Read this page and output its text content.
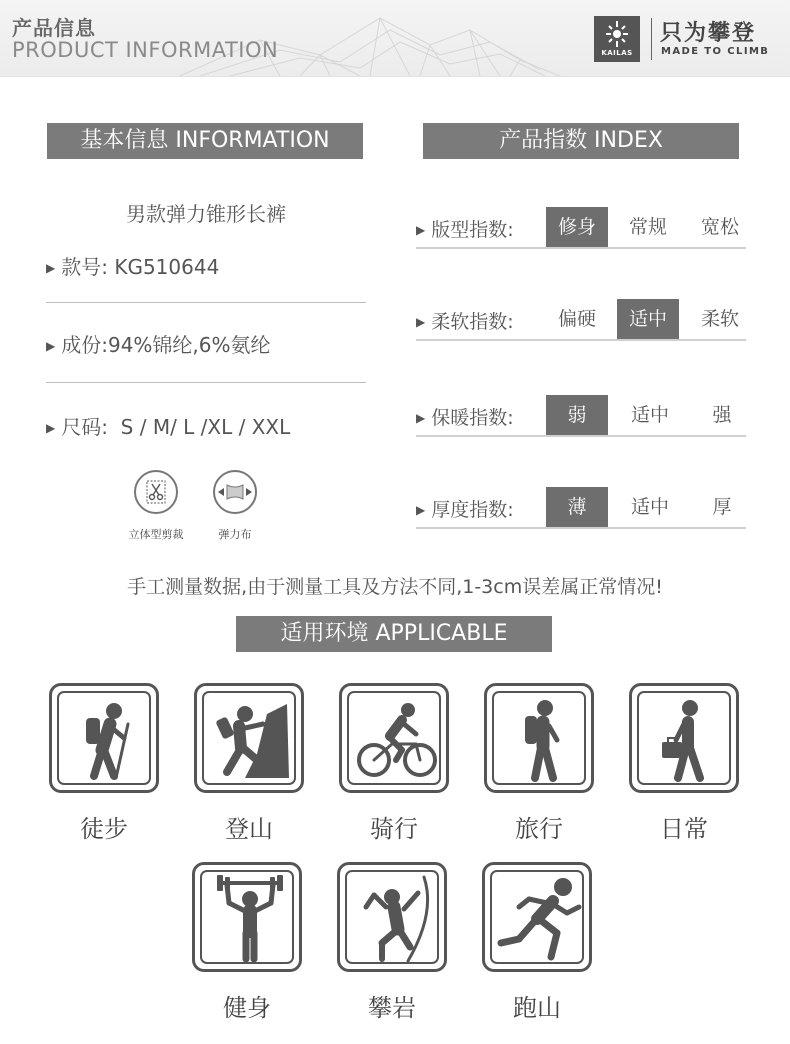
产品信息
PRODUCT INFORMATION	KAILAS
只为攀登
MADE TO CLIMB
基本信息 INFORMATION
男款弹力锥形长裤
▶ 款号: KG510644
▶ 成份:94%锦纶,6%氨纶
▶ 尺码:  S / M/ L /XL / XXL
立体型剪裁	弹力布
产品指数 INDEX
▶ 版型指数:	修身	常规	宽松
▶ 柔软指数:	偏硬	适中	柔软
▶ 保暖指数:	弱	适中	强
▶ 厚度指数:	薄	适中	厚
手工测量数据,由于测量工具及方法不同,1-3cm误差属正常情况!
适用环境 APPLICABLE
徒步	登山	骑行	旅行	日常
健身	攀岩	跑山
